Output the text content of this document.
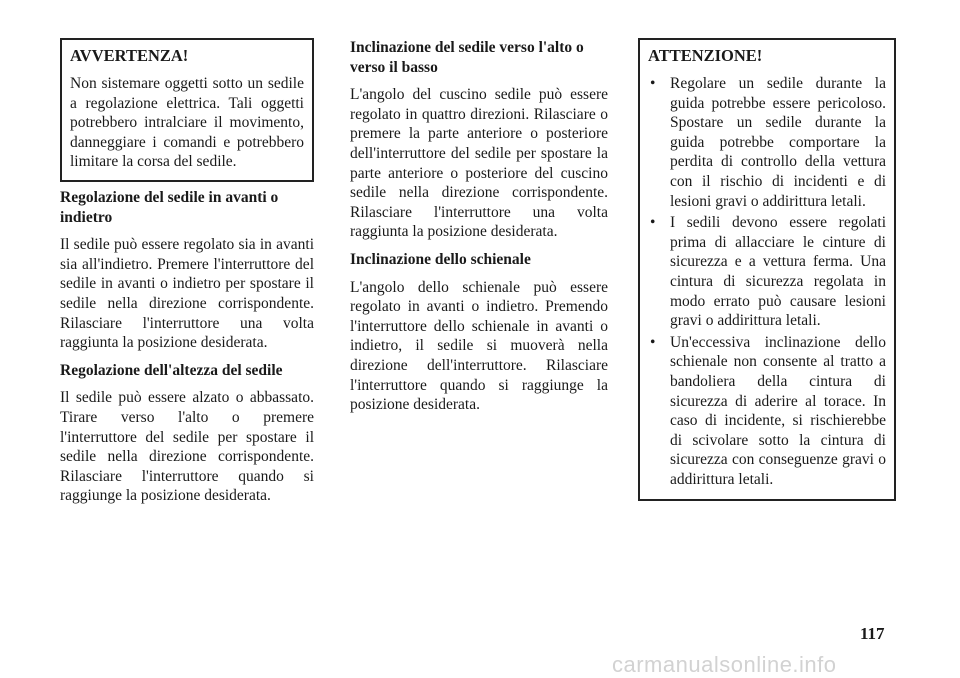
AVVERTENZA!

Non sistemare oggetti sotto un sedile a regolazione elettrica. Tali oggetti potrebbero intralciare il movimento, danneggiare i comandi e potrebbero limitare la corsa del sedile.

Regolazione del sedile in avanti o indietro

Il sedile può essere regolato sia in avanti sia all'indietro. Premere l'interruttore del sedile in avanti o indietro per spostare il sedile nella direzione corrispondente. Rilasciare l'interruttore una volta raggiunta la posizione desiderata.

Regolazione dell'altezza del sedile

Il sedile può essere alzato o abbassato. Tirare verso l'alto o premere l'interruttore del sedile per spostare il sedile nella direzione corrispondente. Rilasciare l'interruttore quando si raggiunge la posizione desiderata.

Inclinazione del sedile verso l'alto o verso il basso

L'angolo del cuscino sedile può essere regolato in quattro direzioni. Rilasciare o premere la parte anteriore o posteriore dell'interruttore del sedile per spostare la parte anteriore o posteriore del cuscino sedile nella direzione corrispondente. Rilasciare l'interruttore una volta raggiunta la posizione desiderata.

Inclinazione dello schienale

L'angolo dello schienale può essere regolato in avanti o indietro. Premendo l'interruttore dello schienale in avanti o indietro, il sedile si muoverà nella direzione dell'interruttore. Rilasciare l'interruttore quando si raggiunge la posizione desiderata.

ATTENZIONE!
• Regolare un sedile durante la guida potrebbe essere pericoloso. Spostare un sedile durante la guida potrebbe comportare la perdita di controllo della vettura con il rischio di incidenti e di lesioni gravi o addirittura letali.
• I sedili devono essere regolati prima di allacciare le cinture di sicurezza e a vettura ferma. Una cintura di sicurezza regolata in modo errato può causare lesioni gravi o addirittura letali.
• Un'eccessiva inclinazione dello schienale non consente al tratto a bandoliera della cintura di sicurezza di aderire al torace. In caso di incidente, si rischierebbe di scivolare sotto la cintura di sicurezza con conseguenze gravi o addirittura letali.
117
carmanualsonline.info
